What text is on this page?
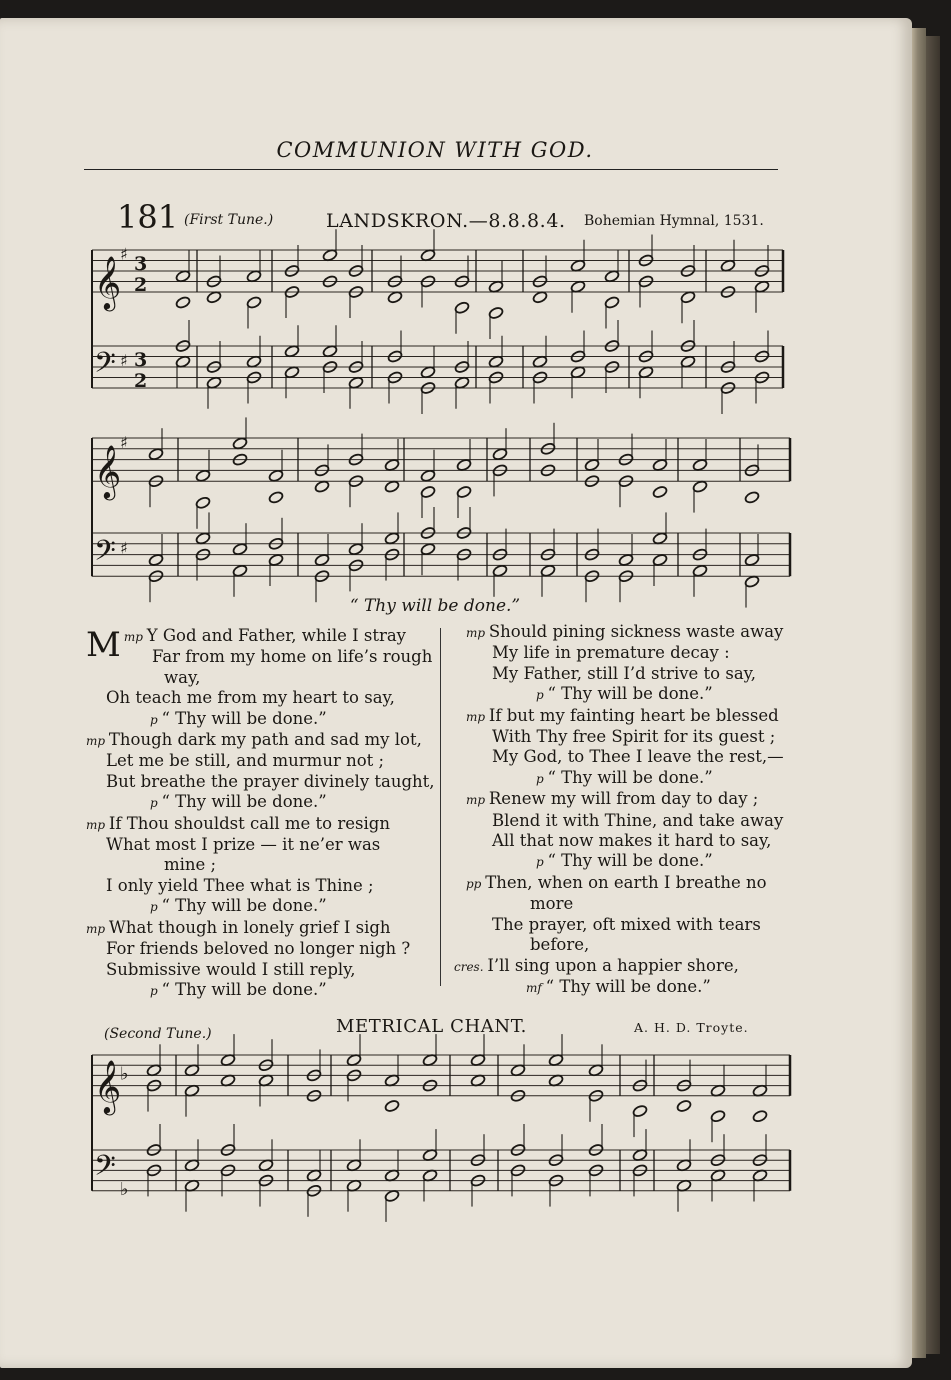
COMMUNION WITH GOD.
181 (First Tune.)	LANDSKRON.—8.8.8.4. Bohemian Hymnal, 1531.
𝄞
𝄢
♯
♯
3
2
3
2
𝄞
𝄢
♯
♯
𝄞
𝄢
♭
♭
“ Thy will be done.”
mp
M Y God and Father, while I stray
Far from my home on life’s rough
way,
Oh teach me from my heart to say,
p “ Thy will be done.”
mp Though dark my path and sad my lot,
Let me be still, and murmur not ;
But breathe the prayer divinely taught,
p “ Thy will be done.”
mp If Thou shouldst call me to resign
What most I prize — it ne’er was
mine ;
I only yield Thee what is Thine ;
p “ Thy will be done.”
mp What though in lonely grief I sigh
For friends beloved no longer nigh ?
Submissive would I still reply,
p “ Thy will be done.”
mp Should pining sickness waste away
My life in premature decay :
My Father, still I’d strive to say,
p “ Thy will be done.”
mp If but my fainting heart be blessed
With Thy free Spirit for its guest ;
My God, to Thee I leave the rest,—
p “ Thy will be done.”
mp Renew my will from day to day ;
Blend it with Thine, and take away
All that now makes it hard to say,
p “ Thy will be done.”
pp Then, when on earth I breathe no
more
The prayer, oft mixed with tears
before,
cres. I’ll sing upon a happier shore,
mf “ Thy will be done.”
(Second Tune.)	METRICAL CHANT.	A. H. D. Troyte.
